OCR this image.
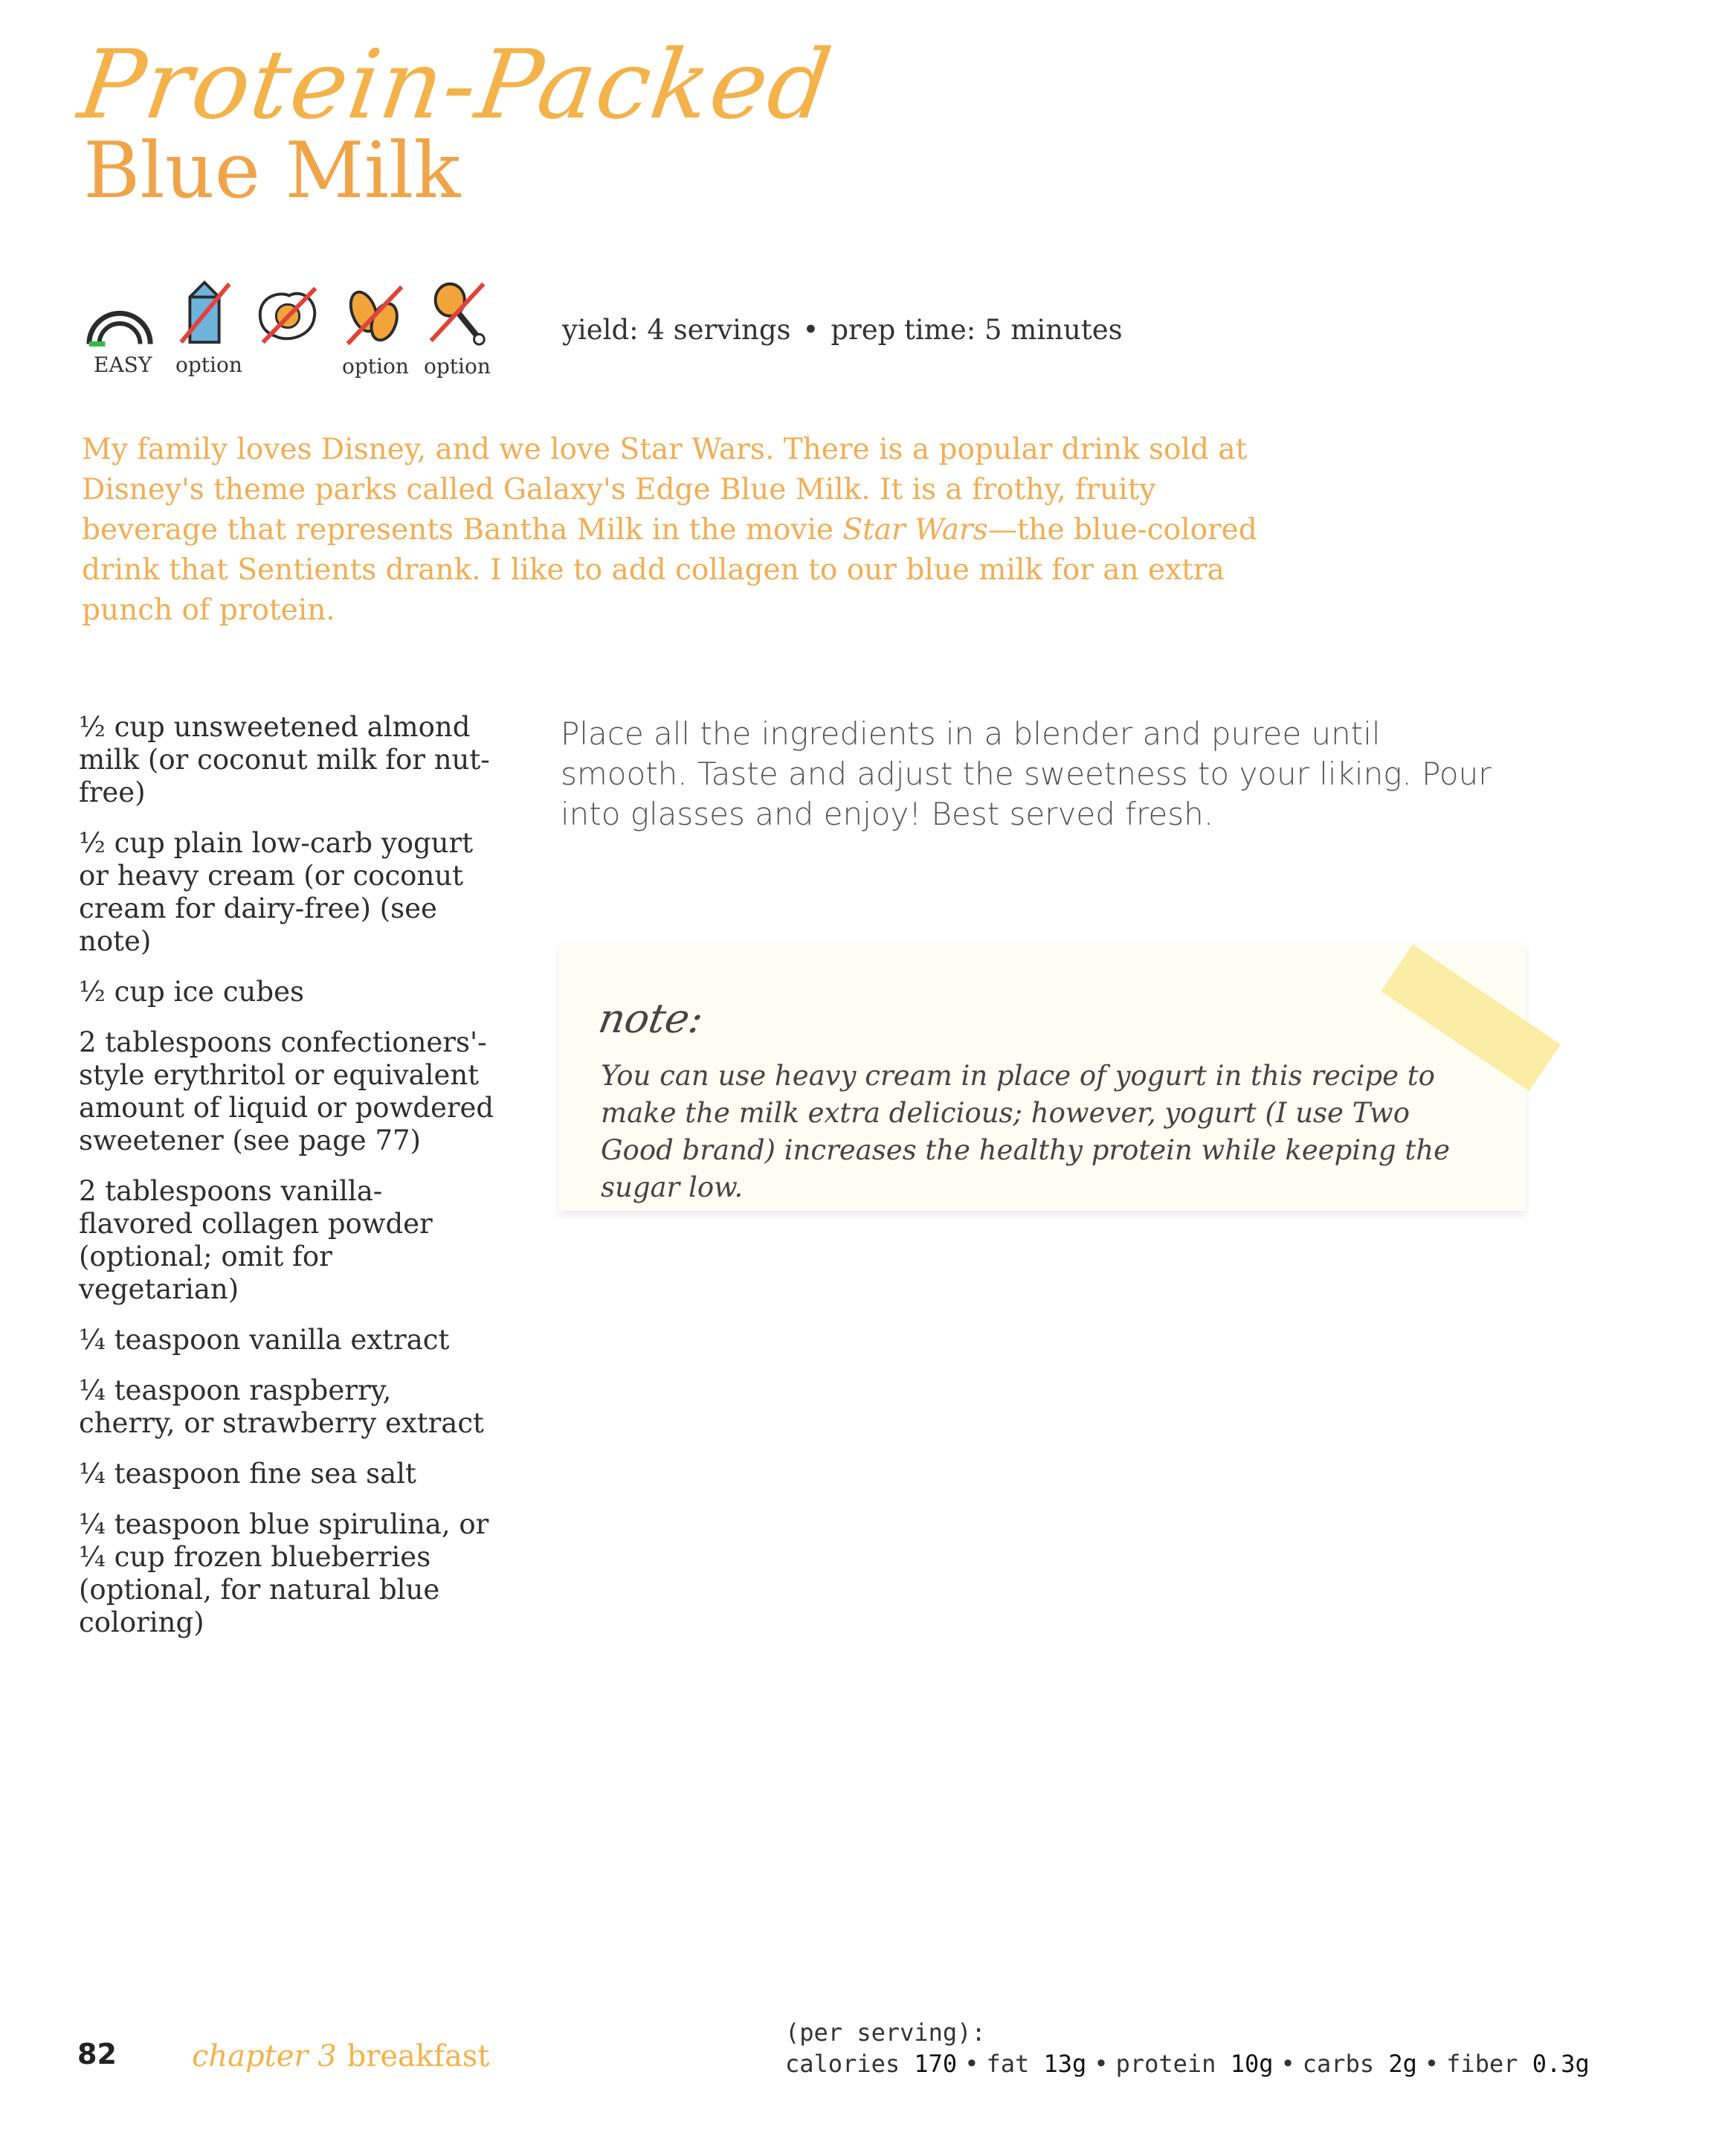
Protein-Packed
Blue Milk
EASY option	option option
yield: 4 servings • prep time: 5 minutes
My family loves Disney, and we love Star Wars. There is a popular drink sold at Disney's theme parks called Galaxy's Edge Blue Milk. It is a frothy, fruity beverage that represents Bantha Milk in the movie Star Wars—the blue-colored drink that Sentients drank. I like to add collagen to our blue milk for an extra punch of protein.
½ cup unsweetened almond milk (or coconut milk for nut-free)
½ cup plain low-carb yogurt or heavy cream (or coconut cream for dairy-free) (see note)
½ cup ice cubes
2 tablespoons confectioners'-style erythritol or equivalent amount of liquid or powdered sweetener (see page 77)
2 tablespoons vanilla-flavored collagen powder (optional; omit for vegetarian)
¼ teaspoon vanilla extract
¼ teaspoon raspberry, cherry, or strawberry extract
¼ teaspoon fine sea salt
¼ teaspoon blue spirulina, or ¼ cup frozen blueberries (optional, for natural blue coloring)
Place all the ingredients in a blender and puree until smooth. Taste and adjust the sweetness to your liking. Pour into glasses and enjoy! Best served fresh.
note:
You can use heavy cream in place of yogurt in this recipe to make the milk extra delicious; however, yogurt (I use Two Good brand) increases the healthy protein while keeping the sugar low.
82	chapter 3 breakfast
(per serving):
calories 170 • fat 13g • protein 10g • carbs 2g • fiber 0.3g
